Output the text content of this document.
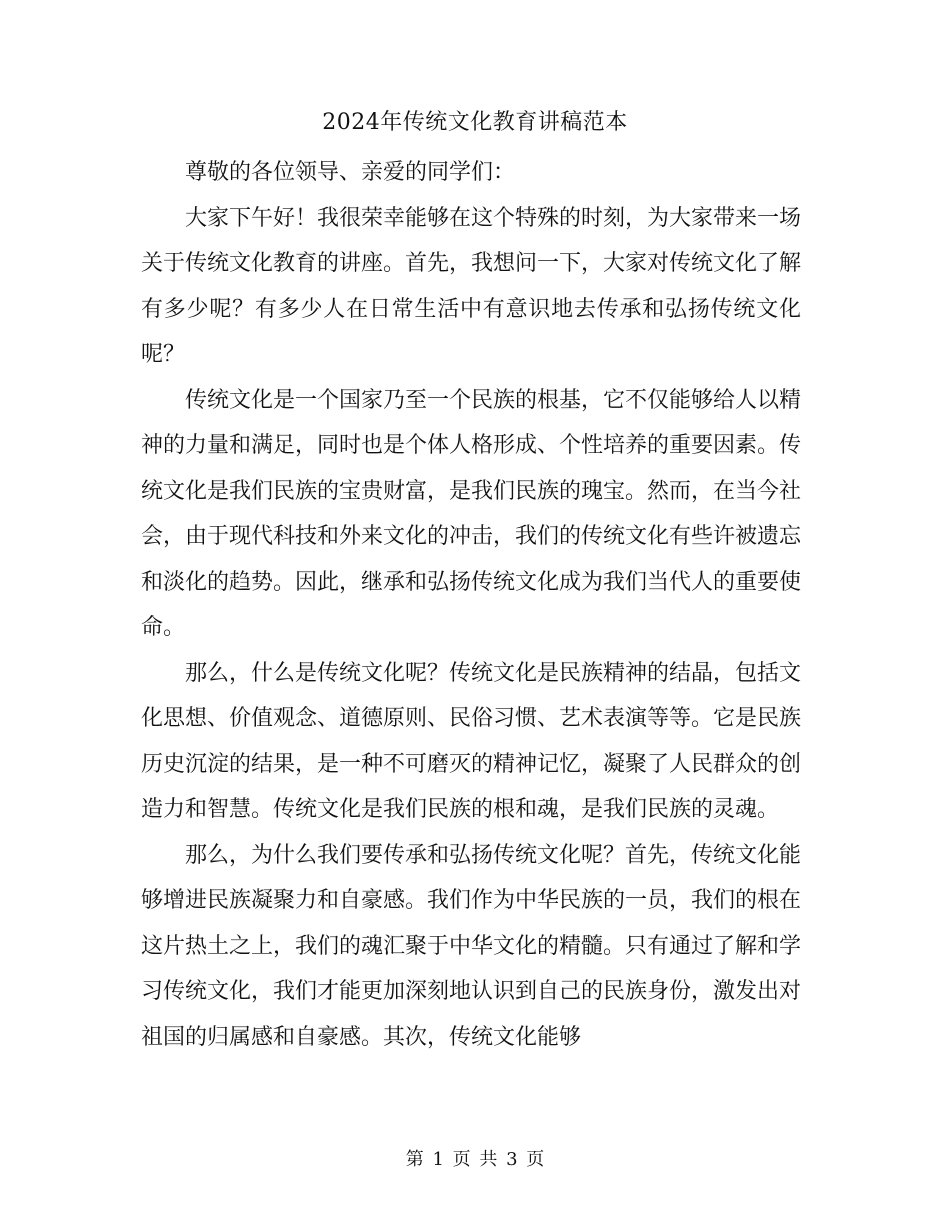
2024年传统文化教育讲稿范本

尊敬的各位领导、亲爱的同学们：

大家下午好！我很荣幸能够在这个特殊的时刻，为大家带来一场关于传统文化教育的讲座。首先，我想问一下，大家对传统文化了解有多少呢？有多少人在日常生活中有意识地去传承和弘扬传统文化呢？

传统文化是一个国家乃至一个民族的根基，它不仅能够给人以精神的力量和满足，同时也是个体人格形成、个性培养的重要因素。传统文化是我们民族的宝贵财富，是我们民族的瑰宝。然而，在当今社会，由于现代科技和外来文化的冲击，我们的传统文化有些许被遗忘和淡化的趋势。因此，继承和弘扬传统文化成为我们当代人的重要使命。

那么，什么是传统文化呢？传统文化是民族精神的结晶，包括文化思想、价值观念、道德原则、民俗习惯、艺术表演等等。它是民族历史沉淀的结果，是一种不可磨灭的精神记忆，凝聚了人民群众的创造力和智慧。传统文化是我们民族的根和魂，是我们民族的灵魂。

那么，为什么我们要传承和弘扬传统文化呢？首先，传统文化能够增进民族凝聚力和自豪感。我们作为中华民族的一员，我们的根在这片热土之上，我们的魂汇聚于中华文化的精髓。只有通过了解和学习传统文化，我们才能更加深刻地认识到自己的民族身份，激发出对祖国的归属感和自豪感。其次，传统文化能够

第 1 页 共 3 页
